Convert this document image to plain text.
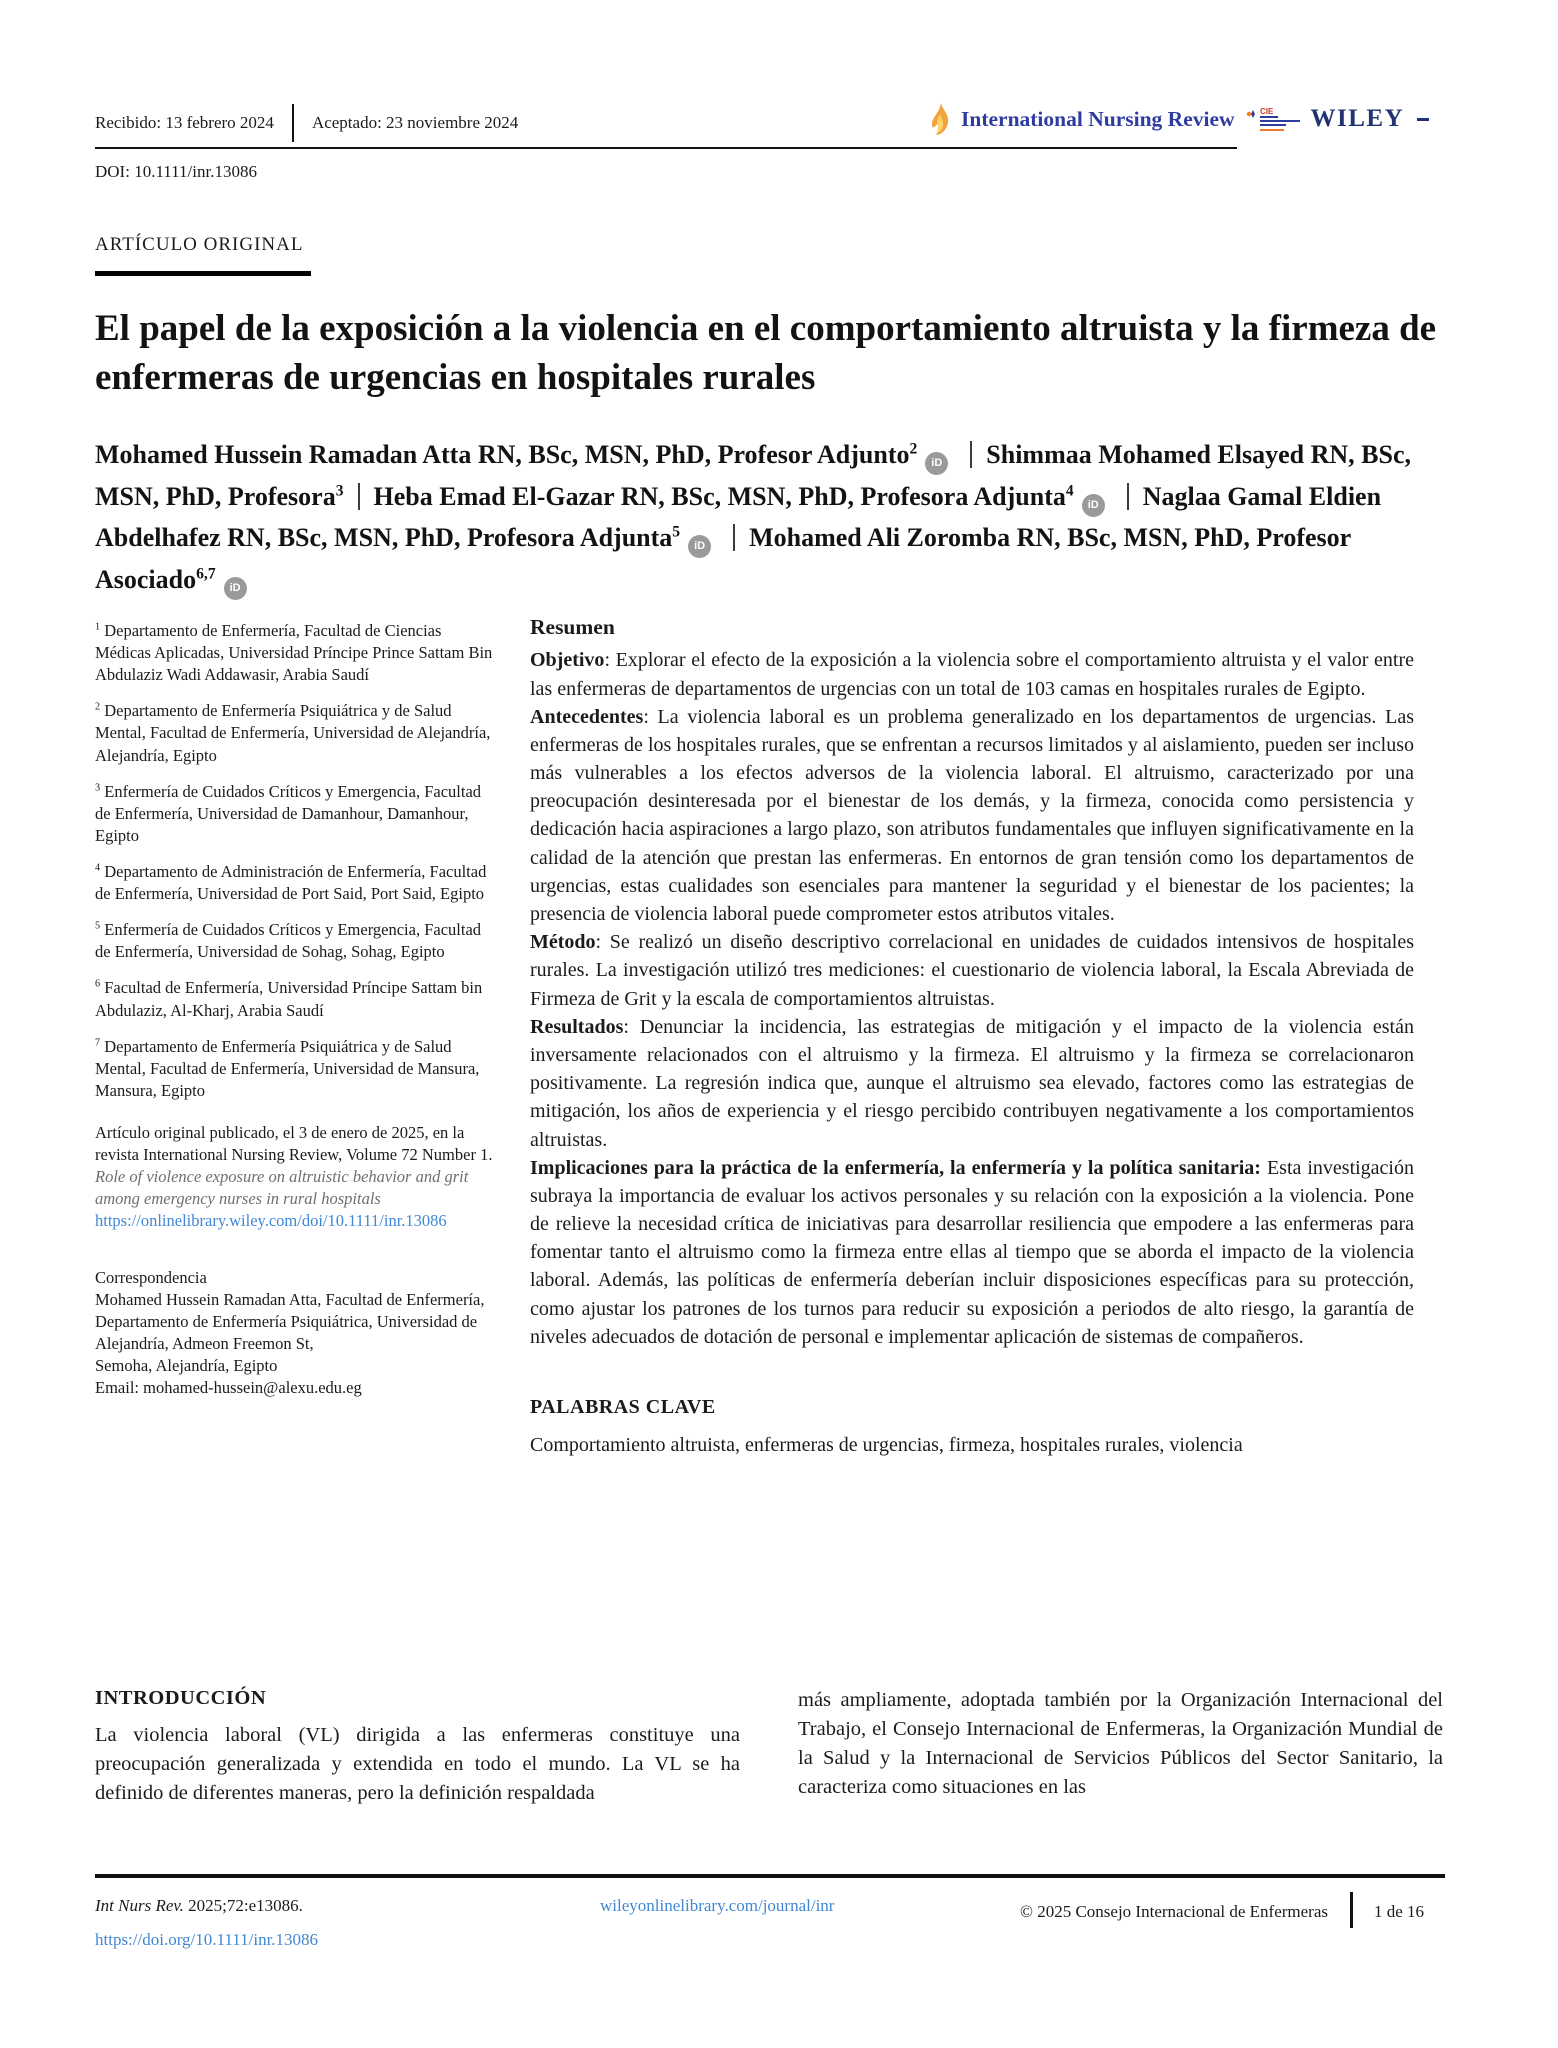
Recibido: 13 febrero 2024 Aceptado: 23 noviembre 2024
DOI: 10.1111/inr.13086
International Nursing Review	CIE WILEY
ARTÍCULO ORIGINAL
El papel de la exposición a la violencia en el comportamiento altruista y la firmeza de enfermeras de urgencias en hospitales rurales
Mohamed Hussein Ramadan Atta RN, BSc, MSN, PhD, Profesor Adjunto$^2$
iD Shimmaa Mohamed Elsayed RN, BSc, MSN, PhD, Profesora$^3$ Heba Emad El-Gazar RN, BSc, MSN, PhD, Profesora Adjunta$^4$
iD Naglaa Gamal Eldien Abdelhafez RN, BSc, MSN, PhD, Profesora Adjunta$^5$
iD Mohamed Ali Zoromba RN, BSc, MSN, PhD, Profesor Asociado$^{6,7}$
iD

$^1$ Departamento de Enfermería, Facultad de Ciencias Médicas Aplicadas, Universidad Príncipe Prince Sattam Bin Abdulaziz Wadi Addawasir, Arabia Saudí

$^2$ Departamento de Enfermería Psiquiátrica y de Salud Mental, Facultad de Enfermería, Universidad de Alejandría, Alejandría, Egipto

$^3$ Enfermería de Cuidados Críticos y Emergencia, Facultad de Enfermería, Universidad de Damanhour, Damanhour, Egipto

$^4$ Departamento de Administración de Enfermería, Facultad de Enfermería, Universidad de Port Said, Port Said, Egipto

$^5$ Enfermería de Cuidados Críticos y Emergencia, Facultad de Enfermería, Universidad de Sohag, Sohag, Egipto

$^6$ Facultad de Enfermería, Universidad Príncipe Sattam bin Abdulaziz, Al-Kharj, Arabia Saudí

$^7$ Departamento de Enfermería Psiquiátrica y de Salud Mental, Facultad de Enfermería, Universidad de Mansura, Mansura, Egipto

Artículo original publicado, el 3 de enero de 2025, en la revista International Nursing Review, Volume 72 Number 1. Role of violence exposure on altruistic behavior and grit among emergency nurses in rural hospitals
https://onlinelibrary.wiley.com/doi/10.1111/inr.13086

Correspondencia

Mohamed Hussein Ramadan Atta, Facultad de Enfermería, Departamento de Enfermería Psiquiátrica, Universidad de Alejandría, Admeon Freemon St,

Semoha, Alejandría, Egipto

Email: mohamed-hussein@alexu.edu.eg

Resumen

Objetivo: Explorar el efecto de la exposición a la violencia sobre el comportamiento altruista y el valor entre las enfermeras de departamentos de urgencias con un total de 103 camas en hospitales rurales de Egipto.

Antecedentes: La violencia laboral es un problema generalizado en los departamentos de urgencias. Las enfermeras de los hospitales rurales, que se enfrentan a recursos limitados y al aislamiento, pueden ser incluso más vulnerables a los efectos adversos de la violencia laboral. El altruismo, caracterizado por una preocupación desinteresada por el bienestar de los demás, y la firmeza, conocida como persistencia y dedicación hacia aspiraciones a largo plazo, son atributos fundamentales que influyen significativamente en la calidad de la atención que prestan las enfermeras. En entornos de gran tensión como los departamentos de urgencias, estas cualidades son esenciales para mantener la seguridad y el bienestar de los pacientes; la presencia de violencia laboral puede comprometer estos atributos vitales.

Método: Se realizó un diseño descriptivo correlacional en unidades de cuidados intensivos de hospitales rurales. La investigación utilizó tres mediciones: el cuestionario de violencia laboral, la Escala Abreviada de Firmeza de Grit y la escala de comportamientos altruistas.

Resultados: Denunciar la incidencia, las estrategias de mitigación y el impacto de la violencia están inversamente relacionados con el altruismo y la firmeza. El altruismo y la firmeza se correlacionaron positivamente. La regresión indica que, aunque el altruismo sea elevado, factores como las estrategias de mitigación, los años de experiencia y el riesgo percibido contribuyen negativamente a los comportamientos altruistas.

Implicaciones para la práctica de la enfermería, la enfermería y la política sanitaria: Esta investigación subraya la importancia de evaluar los activos personales y su relación con la exposición a la violencia. Pone de relieve la necesidad crítica de iniciativas para desarrollar resiliencia que empodere a las enfermeras para fomentar tanto el altruismo como la firmeza entre ellas al tiempo que se aborda el impacto de la violencia laboral. Además, las políticas de enfermería deberían incluir disposiciones específicas para su protección, como ajustar los patrones de los turnos para reducir su exposición a periodos de alto riesgo, la garantía de niveles adecuados de dotación de personal e implementar aplicación de sistemas de compañeros.

PALABRAS CLAVE
Comportamiento altruista, enfermeras de urgencias, firmeza, hospitales rurales, violencia
INTRODUCCIÓN

La violencia laboral (VL) dirigida a las enfermeras constituye una preocupación generalizada y extendida en todo el mundo. La VL se ha definido de diferentes maneras, pero la definición respaldada

más ampliamente, adoptada también por la Organización Internacional del Trabajo, el Consejo Internacional de Enfermeras, la Organización Mundial de la Salud y la Internacional de Servicios Públicos del Sector Sanitario, la caracteriza como situaciones en las

Int Nurs Rev. 2025;72:e13086.	wileyonlinelibrary.com/journal/inr	© 2025 Consejo Internacional de Enfermeras	1 de 16
https://doi.org/10.1111/inr.13086
